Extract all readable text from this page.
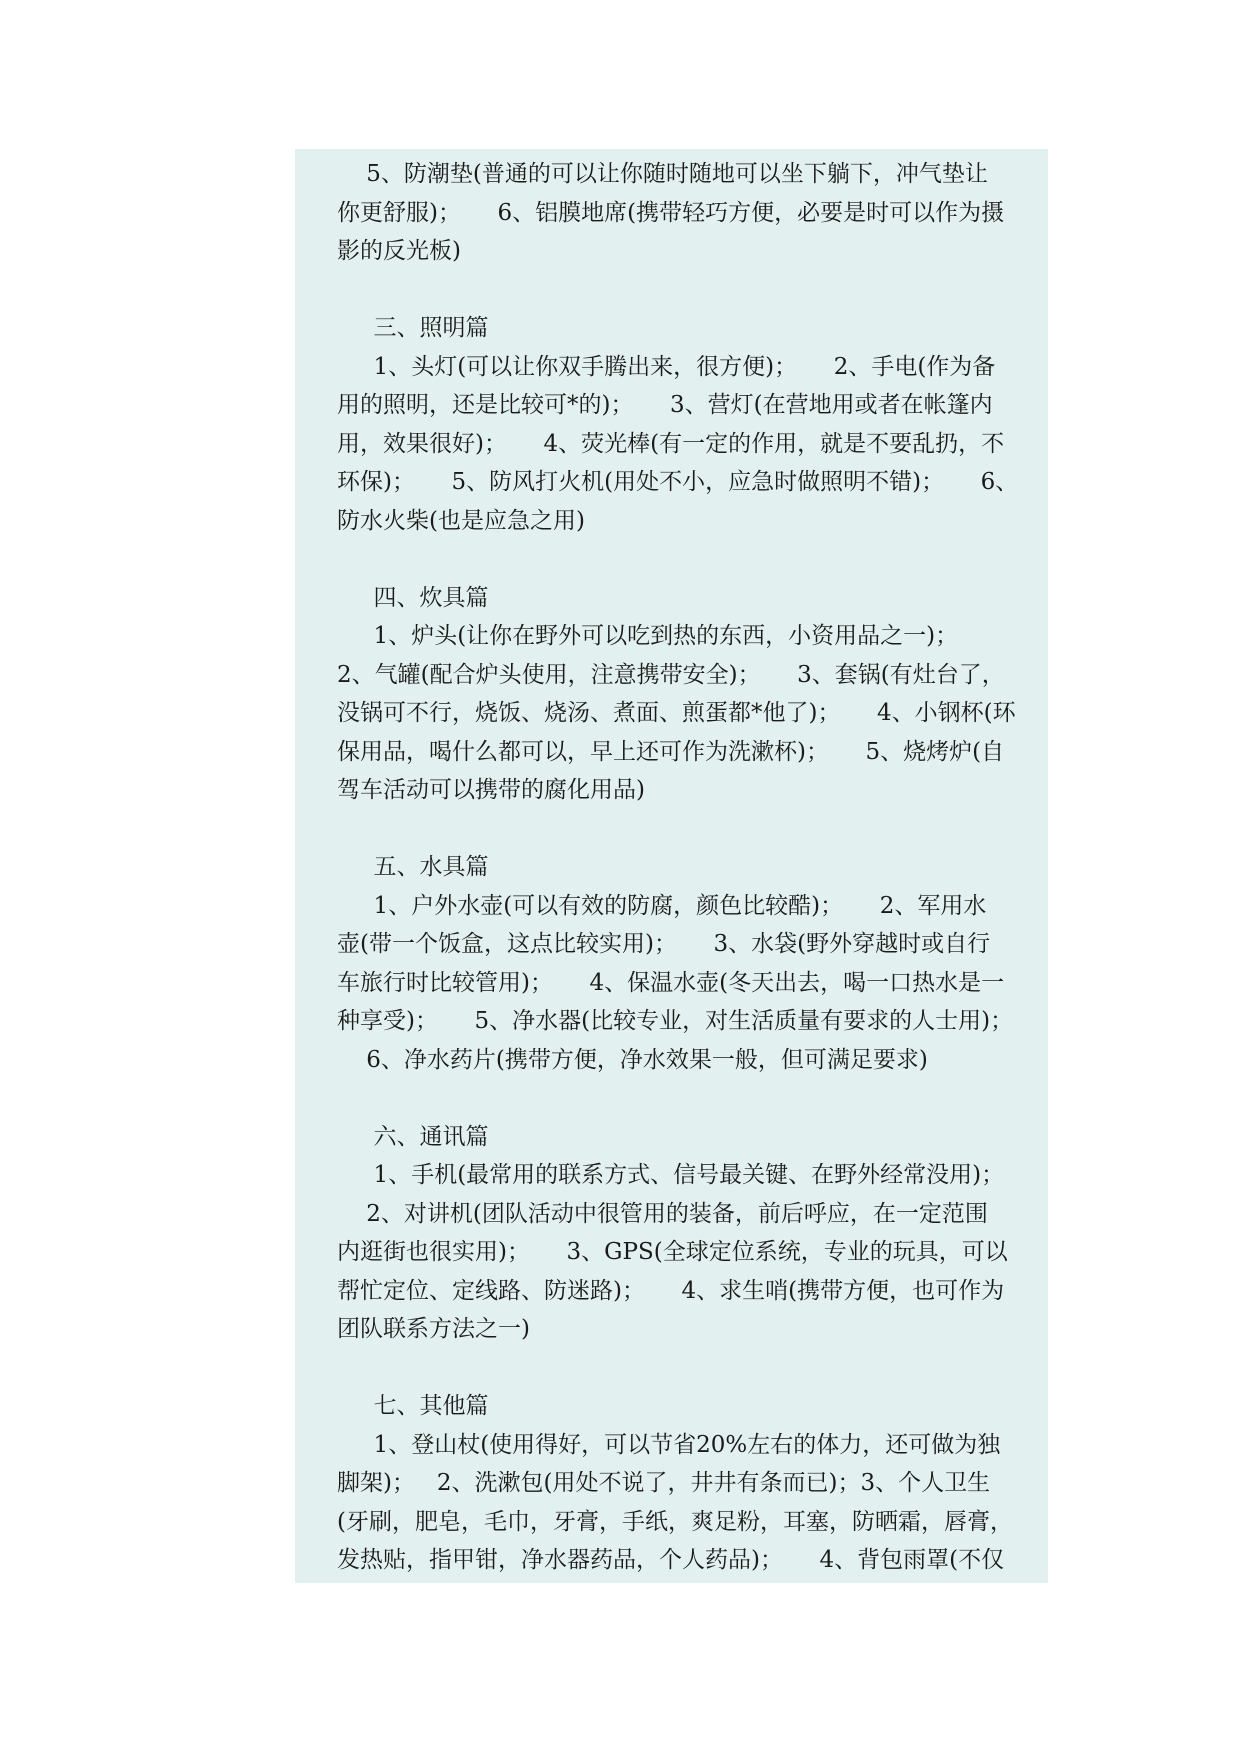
5、防潮垫(普通的可以让你随时随地可以坐下躺下，冲气垫让
你更舒服)；     6、铝膜地席(携带轻巧方便，必要是时可以作为摄
影的反光板)
三、照明篇
1、头灯(可以让你双手腾出来，很方便)；     2、手电(作为备
用的照明，还是比较可*的)；     3、营灯(在营地用或者在帐篷内
用，效果很好)；     4、荧光棒(有一定的作用，就是不要乱扔，不
环保)；     5、防风打火机(用处不小，应急时做照明不错)；     6、
防水火柴(也是应急之用)
四、炊具篇
1、炉头(让你在野外可以吃到热的东西，小资用品之一)；
2、气罐(配合炉头使用，注意携带安全)；     3、套锅(有灶台了，
没锅可不行，烧饭、烧汤、煮面、煎蛋都*他了)；     4、小钢杯(环
保用品，喝什么都可以，早上还可作为洗漱杯)；     5、烧烤炉(自
驾车活动可以携带的腐化用品)
五、水具篇
1、户外水壶(可以有效的防腐，颜色比较酷)；     2、军用水
壶(带一个饭盒，这点比较实用)；     3、水袋(野外穿越时或自行
车旅行时比较管用)；     4、保温水壶(冬天出去，喝一口热水是一
种享受)；     5、净水器(比较专业，对生活质量有要求的人士用)；
6、净水药片(携带方便，净水效果一般，但可满足要求)
六、通讯篇
1、手机(最常用的联系方式、信号最关键、在野外经常没用)；
2、对讲机(团队活动中很管用的装备，前后呼应，在一定范围
内逛街也很实用)；     3、GPS(全球定位系统，专业的玩具，可以
帮忙定位、定线路、防迷路)；     4、求生哨(携带方便，也可作为
团队联系方法之一)
七、其他篇
1、登山杖(使用得好，可以节省20%左右的体力，还可做为独
脚架)；   2、洗漱包(用处不说了，井井有条而已)；3、个人卫生
(牙刷，肥皂，毛巾，牙膏，手纸，爽足粉，耳塞，防晒霜，唇膏，
发热贴，指甲钳，净水器药品，个人药品)；     4、背包雨罩(不仅
